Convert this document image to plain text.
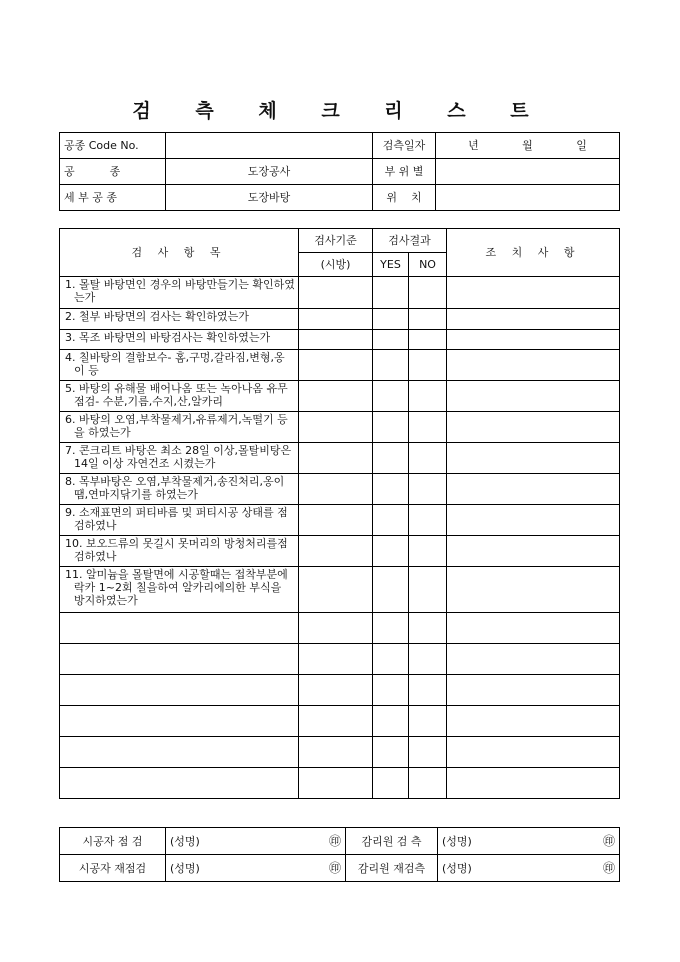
검 측 체 크 리 스 트
공종 Code No.		검측일자	년 월 일
공          종	도장공사	부 위 별	
세 부 공 종	도장바탕	위    치	
검 사 항 목	검사기준	검사결과		조 치 사 항
	(시방)	YES	NO	

1. 몰탈 바탕면인 경우의 바탕만들기는 확인하였는가				

2. 철부 바탕면의 검사는 확인하였는가				

3. 목조 바탕면의 바탕검사는 확인하였는가				

4. 칠바탕의 결함보수- 홈,구멍,갈라짐,변형,옹이 등				

5. 바탕의 유해물 배어나옴 또는 녹아나옴 유무점검- 수분,기름,수지,산,알카리				

6. 바탕의 오염,부착물제거,유류제거,녹떨기 등을 하였는가				

7. 콘크리트 바탕은 최소 28일 이상,몰탈비탕은 14일 이상 자연건조 시켰는가				

8. 목부바탕은 오염,부착물제거,송진처리,옹이땜,연마지닦기를 하였는가				

9. 소재표면의 퍼티바름 및 퍼티시공 상태를 점검하였나				

10. 보오드류의 못길시 못머리의 방청처리를점검하였나				

11. 알미늄을 몰탈면에 시공할때는 접착부분에 락카 1~2회 칠을하여 알카리에의한 부식을 방지하였는가				

시공자 점 검	(성명) ㊞	감리원 검 측	(성명) ㊞

시공자 재점검	(성명) ㊞	감리원 재검측	(성명) ㊞
